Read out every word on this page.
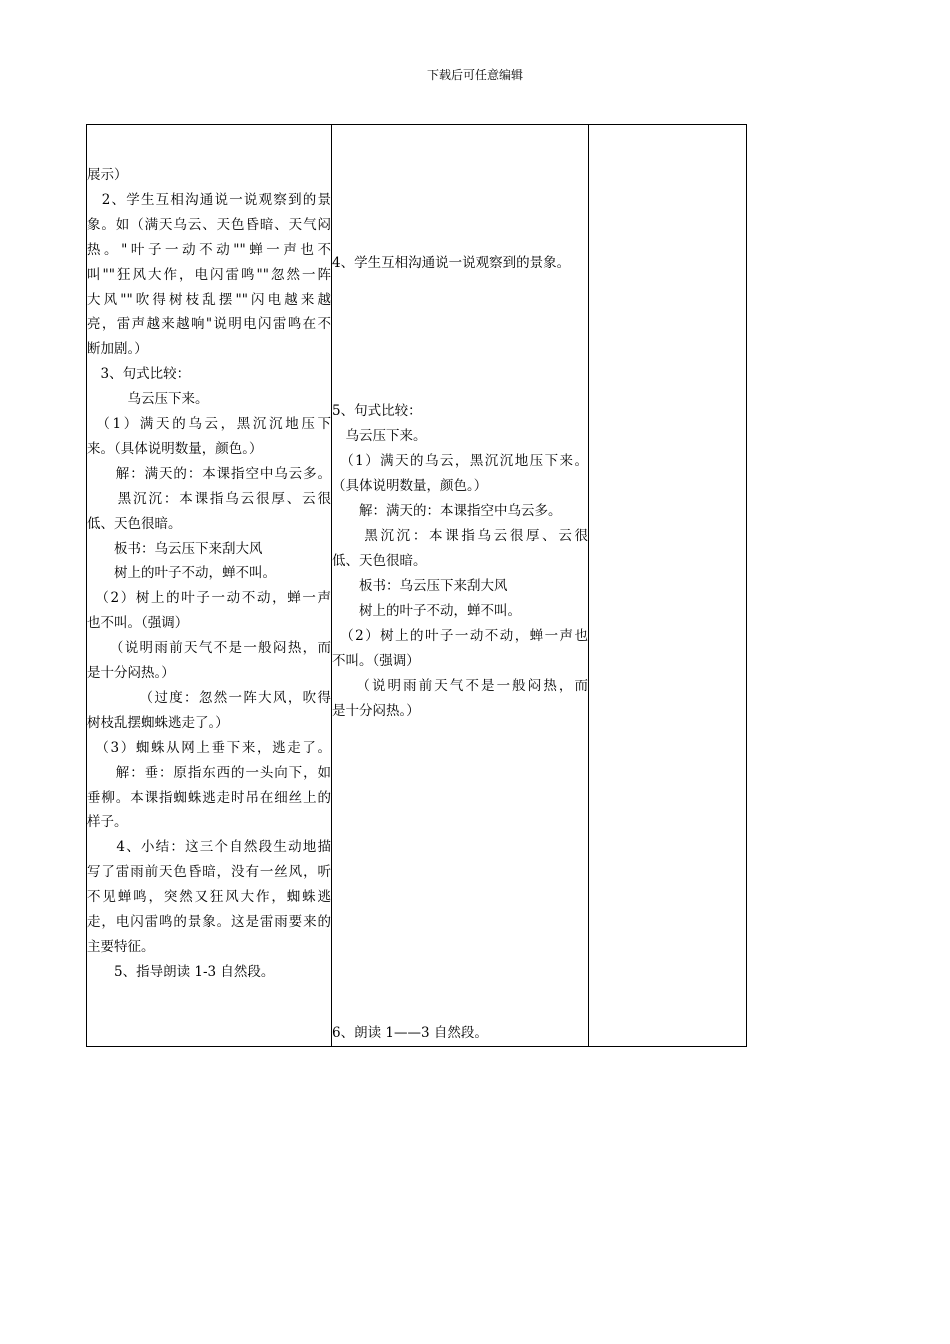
下载后可任意编辑
展示）
　2、学生互相沟通说一说观察到的景
象。如（满天乌云、天色昏暗、天气闷
热。"叶子一动不动""蝉一声也不
叫""狂风大作，电闪雷鸣""忽然一阵
大风""吹得树枝乱摆""闪电越来越
亮，雷声越来越响"说明电闪雷鸣在不
断加剧。）
　3、句式比较：
　　　乌云压下来。
　（1）满天的乌云，黑沉沉地压下
来。（具体说明数量，颜色。）
　　解：满天的：本课指空中乌云多。
　　黑沉沉：本课指乌云很厚、云很
低、天色很暗。
　　板书：乌云压下来刮大风
　　树上的叶子不动，蝉不叫。
　（2）树上的叶子一动不动，蝉一声
也不叫。（强调）
　　（说明雨前天气不是一般闷热，而
是十分闷热。）
　　　　（过度：忽然一阵大风，吹得
树枝乱摆蜘蛛逃走了。）
　（3）蜘蛛从网上垂下来，逃走了。
　　解：垂：原指东西的一头向下，如
垂柳。本课指蜘蛛逃走时吊在细丝上的
样子。
　　4、小结：这三个自然段生动地描
写了雷雨前天色昏暗，没有一丝风，听
不见蝉鸣，突然又狂风大作，蜘蛛逃
走，电闪雷鸣的景象。这是雷雨要来的
主要特征。
　　5、指导朗读 1-3 自然段。
4、学生互相沟通说一说观察到的景象。
5、句式比较：
　乌云压下来。
　（1）满天的乌云，黑沉沉地压下来。
（具体说明数量，颜色。）
　　解：满天的：本课指空中乌云多。
　　黑沉沉：本课指乌云很厚、云很
低、天色很暗。
　　板书：乌云压下来刮大风
　　树上的叶子不动，蝉不叫。
　（2）树上的叶子一动不动，蝉一声也
不叫。（强调）
　　（说明雨前天气不是一般闷热，而
是十分闷热。）
6、朗读 1——3 自然段。
